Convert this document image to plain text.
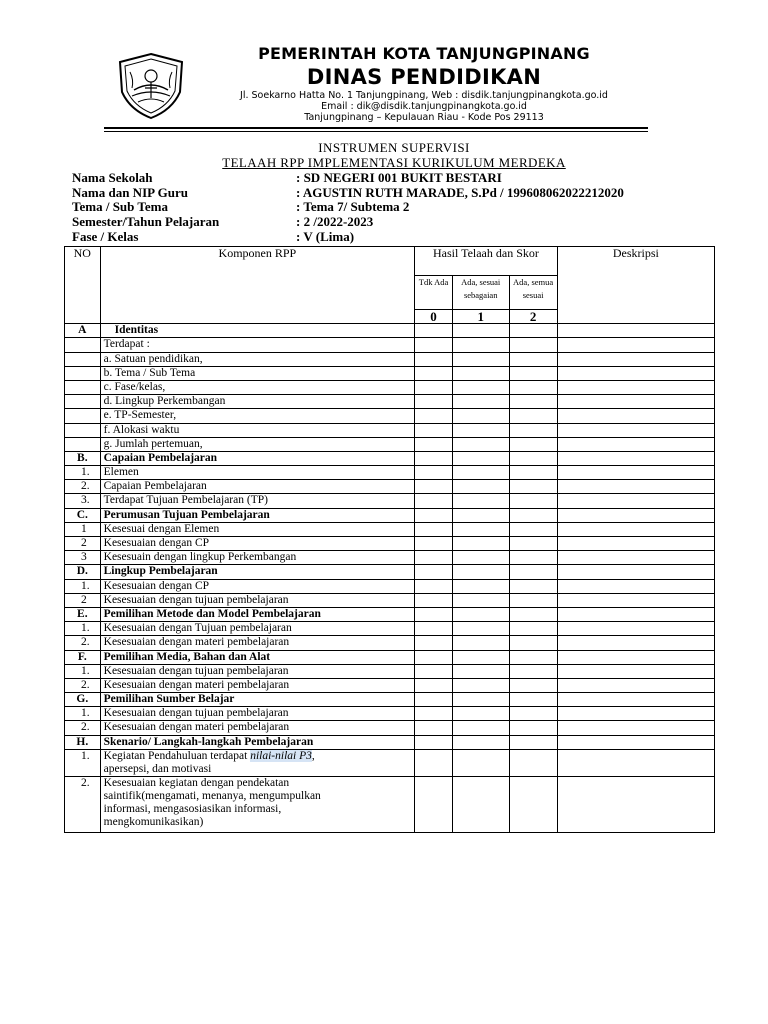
PEMERINTAH KOTA TANJUNGPINANG
DINAS PENDIDIKAN
Jl. Soekarno Hatta No. 1 Tanjungpinang, Web : disdik.tanjungpinangkota.go.id
Email : dik@disdik.tanjungpinangkota.go.id
Tanjungpinang – Kepulauan Riau - Kode Pos 29113
INSTRUMEN SUPERVISI
TELAAH RPP IMPLEMENTASI KURIKULUM MERDEKA
Nama Sekolah	: SD NEGERI 001 BUKIT BESTARI
Nama dan NIP Guru	: AGUSTIN RUTH MARADE, S.Pd / 199608062022212020
Tema / Sub Tema	: Tema 7/ Subtema 2
Semester/Tahun Pelajaran	: 2 /2022-2023
Fase / Kelas	: V (Lima)
NO	Komponen RPP	Hasil Telaah dan Skor			Deskripsi
		Tdk Ada	Ada, sesuai sebagaian	Ada, semua sesuai	
		0	1	2	
A	Identitas				
	Terdapat :				
	a. Satuan pendidikan,				
	b. Tema / Sub Tema				
	c. Fase/kelas,				
	d. Lingkup Perkembangan				
	e. TP-Semester,				
	f. Alokasi waktu				
	g. Jumlah pertemuan,				
B.	Capaian Pembelajaran				
1.	Elemen				
2.	Capaian Pembelajaran				
3.	Terdapat Tujuan Pembelajaran (TP)				
C.	Perumusan Tujuan Pembelajaran				
1	Kesesuai dengan Elemen				
2	Kesesuaian dengan CP				
3	Kesesuain dengan lingkup Perkembangan				
D.	Lingkup Pembelajaran				
1.	Kesesuaian dengan CP				
2	Kesesuaian dengan tujuan pembelajaran				
E.	Pemilihan Metode dan Model Pembelajaran				
1.	Kesesuaian dengan Tujuan pembelajaran				
2.	Kesesuaian dengan materi pembelajaran				
F.	Pemilihan Media, Bahan dan Alat				
1.	Kesesuaian dengan tujuan pembelajaran				
2.	Kesesuaian dengan materi pembelajaran				
G.	Pemilihan Sumber Belajar				
1.	Kesesuaian dengan tujuan pembelajaran				
2.	Kesesuaian dengan materi pembelajaran				
H.	Skenario/ Langkah-langkah Pembelajaran				
1.	Kegiatan Pendahuluan terdapat nilai-nilai P3,
apersepsi, dan motivasi				
2.	Kesesuaian kegiatan dengan pendekatan
saintifik(mengamati, menanya, mengumpulkan
informasi, mengasosiasikan informasi,
mengkomunikasikan)				
